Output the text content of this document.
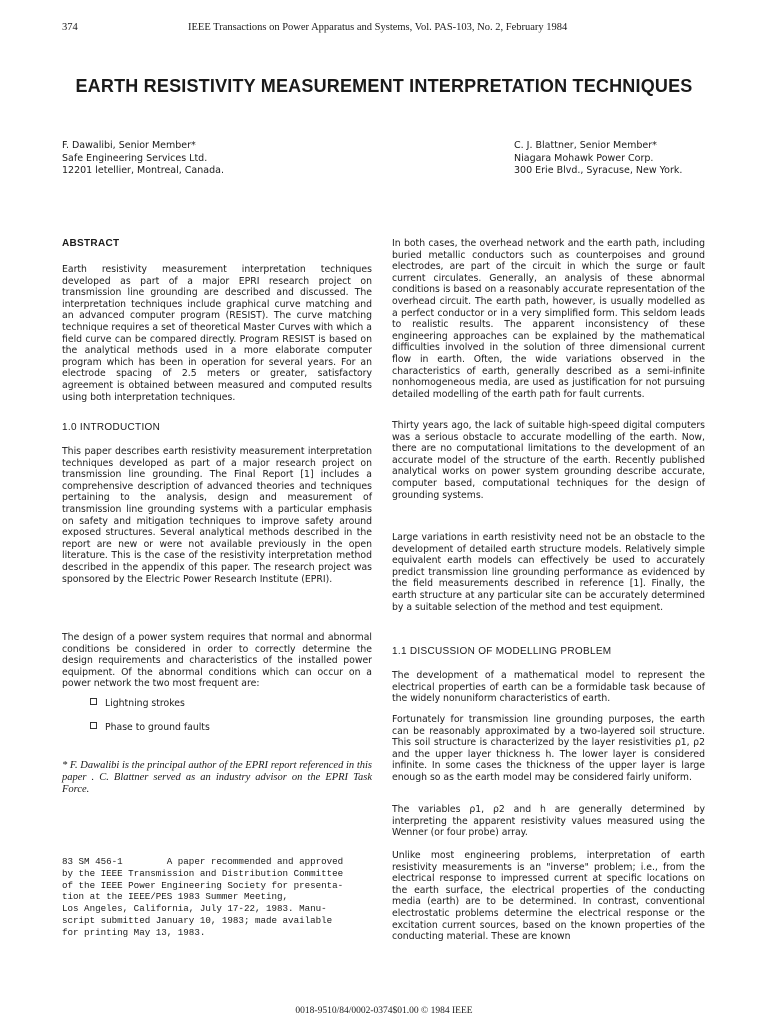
374	IEEE Transactions on Power Apparatus and Systems, Vol. PAS-103, No. 2, February 1984
EARTH RESISTIVITY MEASUREMENT INTERPRETATION TECHNIQUES
F. Dawalibi, Senior Member*
Safe Engineering Services Ltd.
12201 letellier, Montreal, Canada.
C. J. Blattner, Senior Member*
Niagara Mohawk Power Corp.
300 Erie Blvd., Syracuse, New York.
ABSTRACT
Earth resistivity measurement interpretation techniques developed as part of a major EPRI research project on transmission line grounding are described and discussed. The interpretation techniques include graphical curve matching and an advanced computer program (RESIST). The curve matching technique requires a set of theoretical Master Curves with which a field curve can be compared directly. Program RESIST is based on the analytical methods used in a more elaborate computer program which has been in operation for several years. For an electrode spacing of 2.5 meters or greater, satisfactory agreement is obtained between measured and computed results using both interpretation techniques.
1.0 INTRODUCTION
This paper describes earth resistivity measurement interpretation techniques developed as part of a major research project on transmission line grounding. The Final Report [1] includes a comprehensive description of advanced theories and techniques pertaining to the analysis, design and measurement of transmission line grounding systems with a particular emphasis on safety and mitigation techniques to improve safety around exposed structures. Several analytical methods described in the report are new or were not available previously in the open literature. This is the case of the resistivity interpretation method described in the appendix of this paper. The research project was sponsored by the Electric Power Research Institute (EPRI).
The design of a power system requires that normal and abnormal conditions be considered in order to correctly determine the design requirements and characteristics of the installed power equipment. Of the abnormal conditions which can occur on a power network the two most frequent are:
Lightning strokes
Phase to ground faults
* F. Dawalibi is the principal author of the EPRI report referenced in this paper . C. Blattner served as an industry advisor on the EPRI Task Force.
83 SM 456-1        A paper recommended and approved
by the IEEE Transmission and Distribution Committee
of the IEEE Power Engineering Society for presenta-
tion at the IEEE/PES 1983 Summer Meeting,
Los Angeles, California, July 17-22, 1983. Manu-
script submitted January 10, 1983; made available
for printing May 13, 1983.
In both cases, the overhead network and the earth path, including buried metallic conductors such as counterpoises and ground electrodes, are part of the circuit in which the surge or fault current circulates. Generally, an analysis of these abnormal conditions is based on a reasonably accurate representation of the overhead circuit. The earth path, however, is usually modelled as a perfect conductor or in a very simplified form. This seldom leads to realistic results. The apparent inconsistency of these engineering approaches can be explained by the mathematical difficulties involved in the solution of three dimensional current flow in earth. Often, the wide variations observed in the characteristics of earth, generally described as a semi-infinite nonhomogeneous media, are used as justification for not pursuing detailed modelling of the earth path for fault currents.
Thirty years ago, the lack of suitable high-speed digital computers was a serious obstacle to accurate modelling of the earth. Now, there are no computational limitations to the development of an accurate model of the structure of the earth. Recently published analytical works on power system grounding describe accurate, computer based, computational techniques for the design of grounding systems.
Large variations in earth resistivity need not be an obstacle to the development of detailed earth structure models. Relatively simple equivalent earth models can effectively be used to accurately predict transmission line grounding performance as evidenced by the field measurements described in reference [1]. Finally, the earth structure at any particular site can be accurately determined by a suitable selection of the method and test equipment.
1.1 DISCUSSION OF MODELLING PROBLEM
The development of a mathematical model to represent the electrical properties of earth can be a formidable task because of the widely nonuniform characteristics of earth.
Fortunately for transmission line grounding purposes, the earth can be reasonably approximated by a two-layered soil structure. This soil structure is characterized by the layer resistivities ρ1, ρ2 and the upper layer thickness h. The lower layer is considered infinite. In some cases the thickness of the upper layer is large enough so as the earth model may be considered fairly uniform.
The variables ρ1, ρ2 and h are generally determined by interpreting the apparent resistivity values measured using the Wenner (or four probe) array.
Unlike most engineering problems, interpretation of earth resistivity measurements is an "inverse" problem; i.e., from the electrical response to impressed current at specific locations on the earth surface, the electrical properties of the conducting media (earth) are to be determined. In contrast, conventional electrostatic problems determine the electrical response or the excitation current sources, based on the known properties of the conducting material. These are known
0018-9510/84/0002-0374$01.00 © 1984 IEEE
